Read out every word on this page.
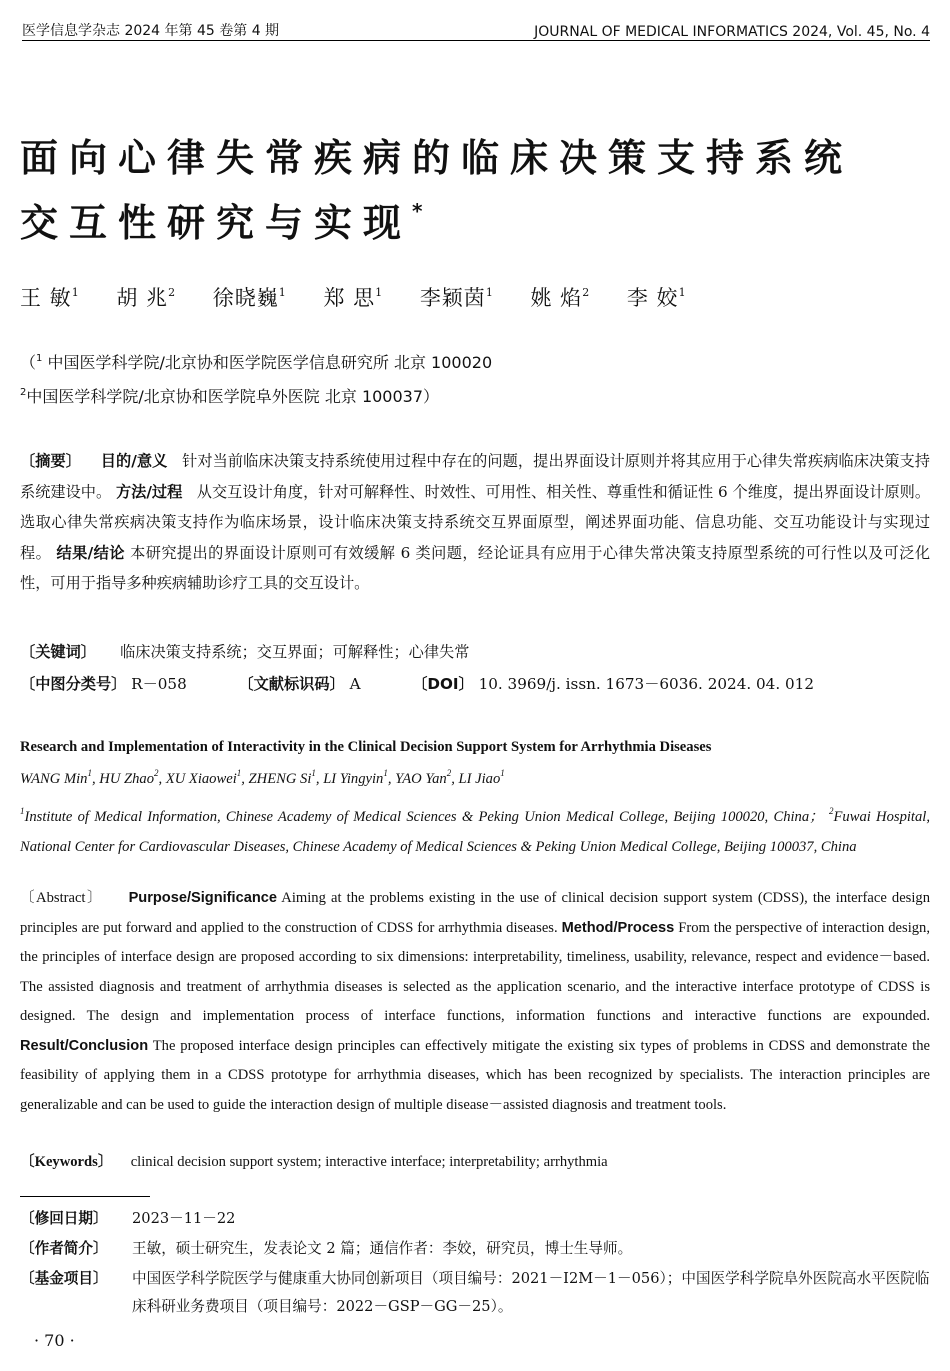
医学信息学杂志 2024 年第 45 卷第 4 期	JOURNAL OF MEDICAL INFORMATICS 2024, Vol. 45, No. 4
面向心律失常疾病的临床决策支持系统
交互性研究与实现*
王 敏$^1$ 胡 兆$^2$ 徐晓巍$^1$ 郑 思$^1$ 李颖茵$^1$ 姚 焰$^2$ 李 姣$^1$
（$^1$ 中国医学科学院/北京协和医学院医学信息研究所 北京 100020
$^2$中国医学科学院/北京协和医学院阜外医院 北京 100037）
〔摘要〕 目的/意义 针对当前临床决策支持系统使用过程中存在的问题，提出界面设计原则并将其应用于心律失常疾病临床决策支持系统建设中。 方法/过程 从交互设计角度，针对可解释性、时效性、可用性、相关性、尊重性和循证性 6 个维度，提出界面设计原则。选取心律失常疾病决策支持作为临床场景，设计临床决策支持系统交互界面原型，阐述界面功能、信息功能、交互功能设计与实现过程。 结果/结论 本研究提出的界面设计原则可有效缓解 6 类问题，经论证具有应用于心律失常决策支持原型系统的可行性以及可泛化性，可用于指导多种疾病辅助诊疗工具的交互设计。
〔关键词〕 临床决策支持系统；交互界面；可解释性；心律失常
〔中图分类号〕 R－058	〔文献标识码〕 A	〔DOI〕 10. 3969/j. issn. 1673－6036. 2024. 04. 012
Research and Implementation of Interactivity in the Clinical Decision Support System for Arrhythmia Diseases
WANG Min$^1$, HU Zhao$^2$, XU Xiaowei$^1$, ZHENG Si$^1$, LI Yingyin$^1$, YAO Yan$^2$, LI Jiao$^1$
$^1$Institute of Medical Information, Chinese Academy of Medical Sciences & Peking Union Medical College, Beijing 100020, China； $^2$Fuwai Hospital, National Center for Cardiovascular Diseases, Chinese Academy of Medical Sciences & Peking Union Medical College, Beijing 100037, China
〔Abstract〕 Purpose/Significance Aiming at the problems existing in the use of clinical decision support system (CDSS), the interface design principles are put forward and applied to the construction of CDSS for arrhythmia diseases. Method/Process From the perspective of interaction design, the principles of interface design are proposed according to six dimensions: interpretability, timeliness, usability, relevance, respect and evidence－based. The assisted diagnosis and treatment of arrhythmia diseases is selected as the application scenario, and the interactive interface prototype of CDSS is designed. The design and implementation process of interface functions, information functions and interactive functions are expounded. Result/Conclusion The proposed interface design principles can effectively mitigate the existing six types of problems in CDSS and demonstrate the feasibility of applying them in a CDSS prototype for arrhythmia diseases, which has been recognized by specialists. The interaction principles are generalizable and can be used to guide the interaction design of multiple disease－assisted diagnosis and treatment tools.
〔Keywords〕 clinical decision support system; interactive interface; interpretability; arrhythmia
〔修回日期〕	2023－11－22
〔作者简介〕	王敏，硕士研究生，发表论文 2 篇；通信作者：李姣，研究员，博士生导师。
〔基金项目〕	中国医学科学院医学与健康重大协同创新项目（项目编号：2021－I2M－1－056）；中国医学科学院阜外医院高水平医院临床科研业务费项目（项目编号：2022－GSP－GG－25）。
· 70 ·
